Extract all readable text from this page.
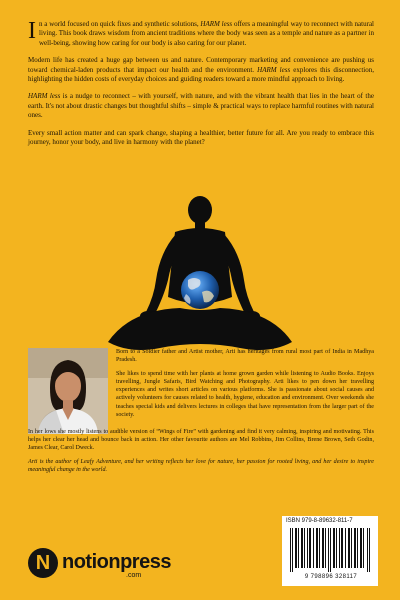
In a world focused on quick fixes and synthetic solutions, HARM less offers a meaningful way to reconnect with natural living. This book draws wisdom from ancient traditions where the body was seen as a temple and nature as a partner in well-being, showing how caring for our body is also caring for our planet.

Modern life has created a huge gap between us and nature. Contemporary marketing and convenience are pushing us toward chemical-laden products that impact our health and the environment. HARM less explores this disconnection, highlighting the hidden costs of everyday choices and guiding readers toward a more mindful approach to living.

HARM less is a nudge to reconnect – with yourself, with nature, and with the vibrant health that lies in the heart of the earth. It's not about drastic changes but thoughtful shifts – simple & practical ways to replace harmful routines with natural ones.

Every small action matter and can spark change, shaping a healthier, better future for all. Are you ready to embrace this journey, honor your body, and live in harmony with the planet?

Born to a Soldier father and Artist mother, Arti has heritages from rural most part of India in Madhya Pradesh.

She likes to spend time with her plants at home grown garden while listening to Audio Books. Enjoys travelling, Jungle Safaris, Bird Watching and Photography. Arti likes to pen down her travelling experiences and writes short articles on various platforms. She is passionate about social causes and actively volunteers for causes related to health, hygiene, education and environment. Over weekends she teaches special kids and delivers lectures in colleges that have representation from the larger part of the society.

In her lows she mostly listens to audible version of “Wings of Fire” with gardening and find it very calming, inspiring and motivating. This helps her clear her head and bounce back in action. Her other favourite authors are Mel Robbins, Jim Collins, Brene Brown, Seth Godin, James Clear, Carol Dweck.

Arti is the author of Leafy Adventure, and her writing reflects her love for nature, her passion for rooted living, and her desire to inspire meaningful change in the world.

N notionpress
.com
ISBN 979-8-89632-811-7
9 798896 328117
